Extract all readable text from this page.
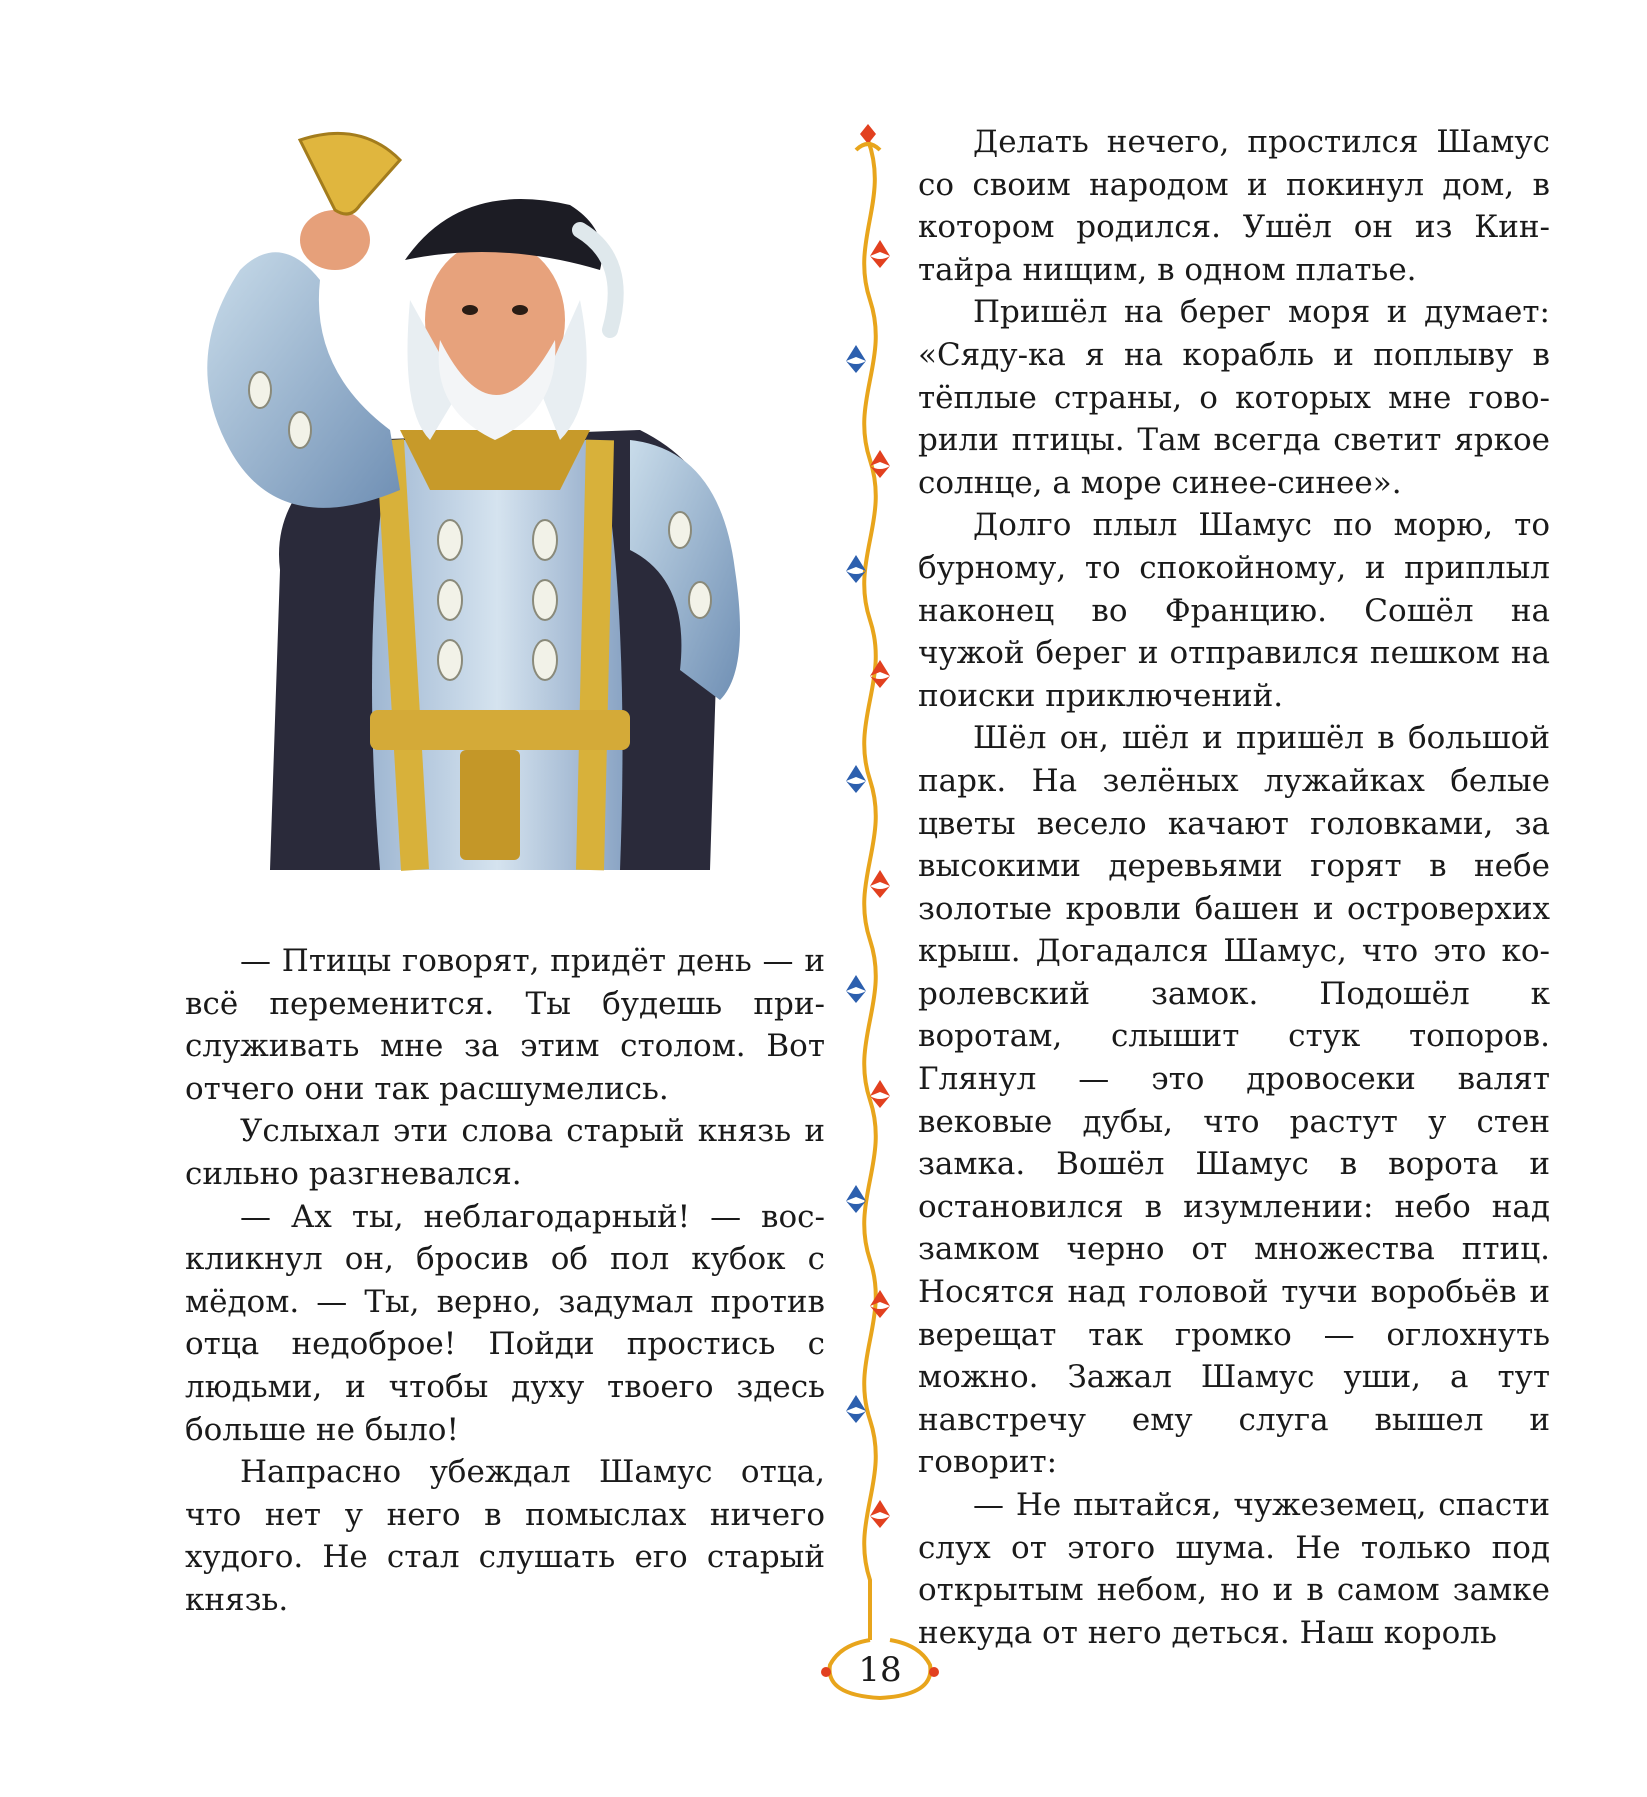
— Птицы говорят, придёт день — и всё переменится. Ты будешь прислуживать мне за этим столом. Вот отчего они так расшумелись.

Услыхал эти слова старый князь и сильно разгневался.

— Ах ты, неблагодарный! — воскликнул он, бросив об пол кубок с мёдом. — Ты, верно, задумал против отца недоброе! Пойди простись с людьми, и чтобы духу твоего здесь больше не было!

Напрасно убеждал Шамус отца, что нет у него в помыслах ничего худого. Не стал слушать его старый князь.

18

Делать нечего, простился Шамус со своим народом и покинул дом, в котором родился. Ушёл он из Кинтайра нищим, в одном платье.

Пришёл на берег моря и думает: «Сяду-ка я на корабль и поплыву в тёплые страны, о которых мне говорили птицы. Там всегда светит яркое солнце, а море синее-синее».

Долго плыл Шамус по морю, то бурному, то спокойному, и приплыл наконец во Францию. Сошёл на чужой берег и отправился пешком на поиски приключений.

Шёл он, шёл и пришёл в большой парк. На зелёных лужайках белые цветы весело качают головками, за высокими деревьями горят в небе золотые кровли башен и островерхих крыш. Догадался Шамус, что это королевский замок. Подошёл к воротам, слышит стук топоров. Глянул — это дровосеки валят вековые дубы, что растут у стен замка. Вошёл Шамус в ворота и остановился в изумлении: небо над замком черно от множества птиц. Носятся над головой тучи воробьёв и верещат так громко — оглохнуть можно. Зажал Шамус уши, а тут навстречу ему слуга вышел и говорит:

— Не пытайся, чужеземец, спасти слух от этого шума. Не только под открытым небом, но и в самом замке некуда от него деться. Наш король
